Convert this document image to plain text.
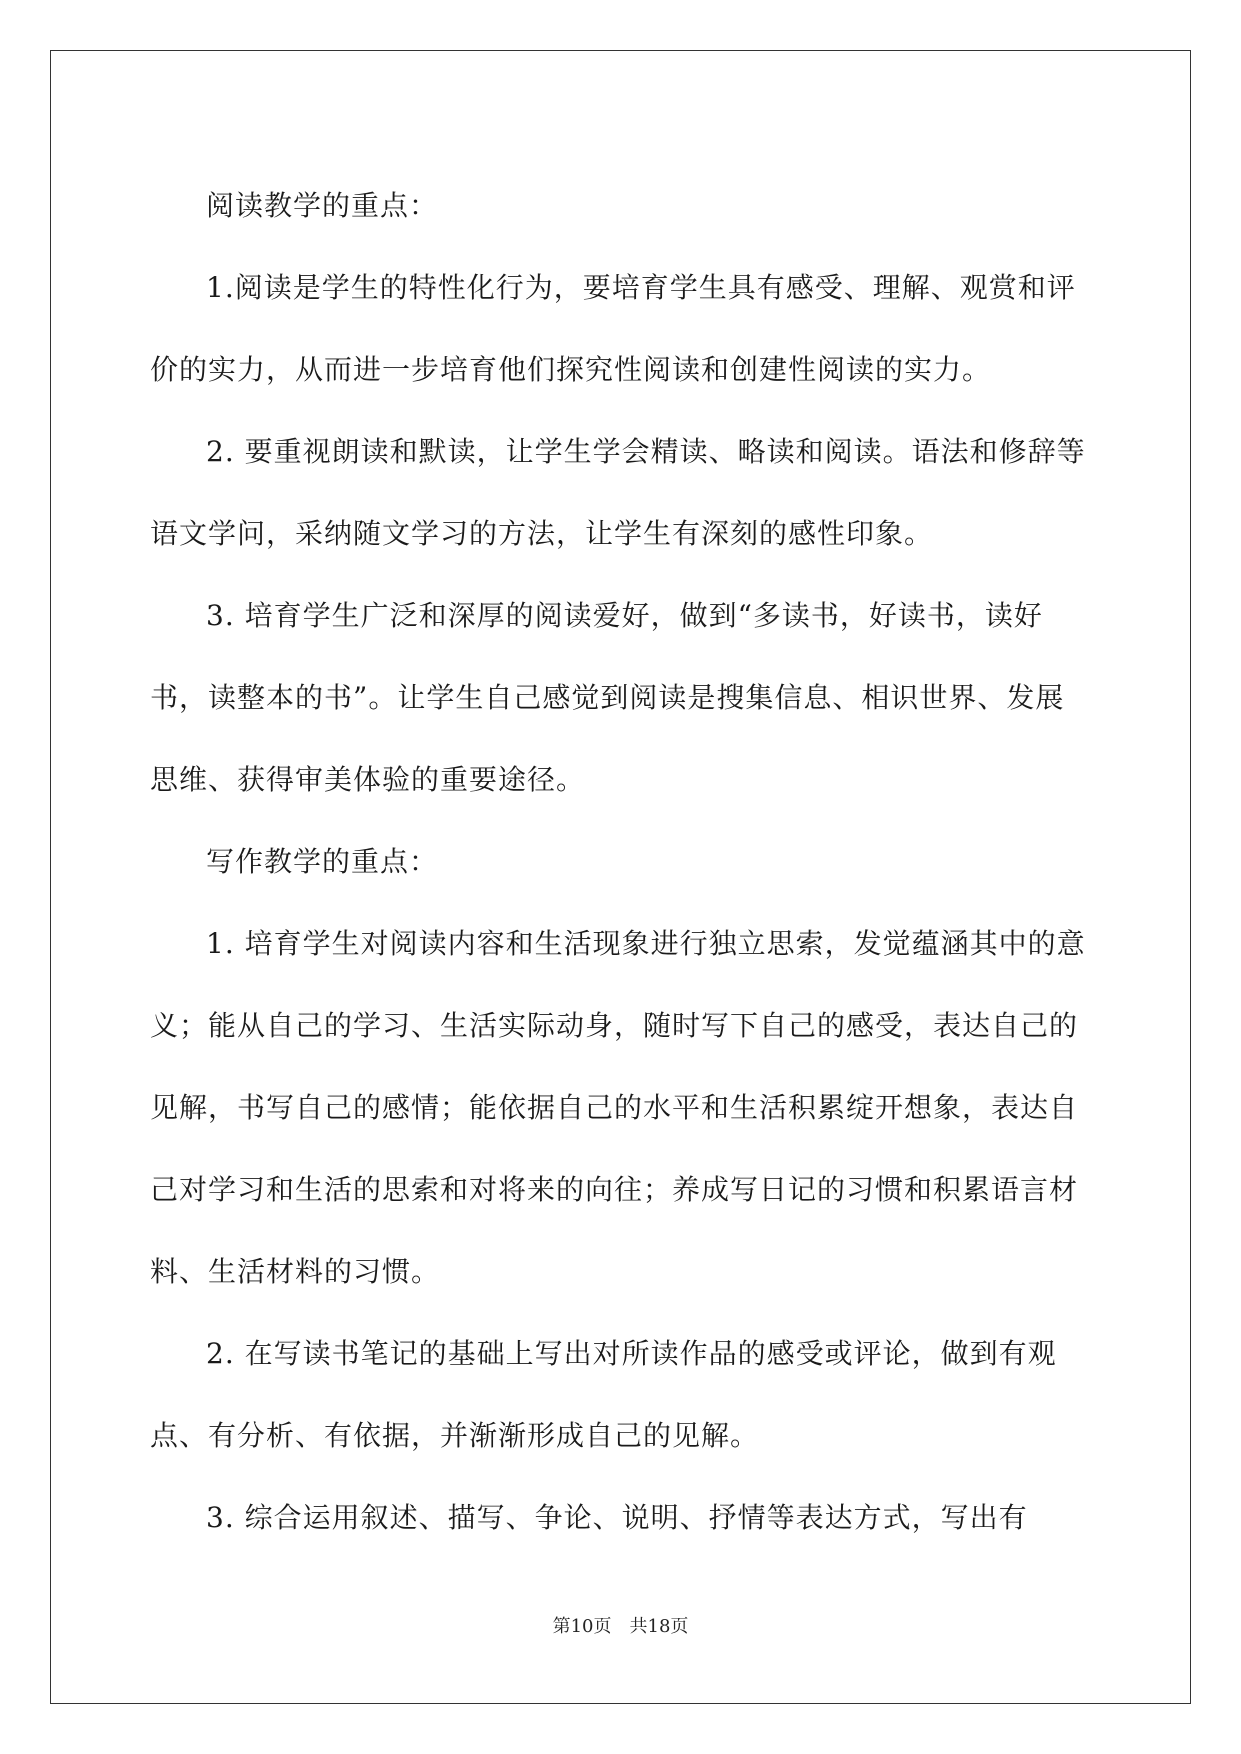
阅读教学的重点：

1.阅读是学生的特性化行为，要培育学生具有感受、理解、观赏和评价的实力，从而进一步培育他们探究性阅读和创建性阅读的实力。

2. 要重视朗读和默读，让学生学会精读、略读和阅读。语法和修辞等语文学问，采纳随文学习的方法，让学生有深刻的感性印象。

3. 培育学生广泛和深厚的阅读爱好，做到“多读书，好读书，读好书，读整本的书”。让学生自己感觉到阅读是搜集信息、相识世界、发展思维、获得审美体验的重要途径。

写作教学的重点：

1. 培育学生对阅读内容和生活现象进行独立思索，发觉蕴涵其中的意义；能从自己的学习、生活实际动身，随时写下自己的感受，表达自己的见解，书写自己的感情；能依据自己的水平和生活积累绽开想象，表达自己对学习和生活的思索和对将来的向往；养成写日记的习惯和积累语言材料、生活材料的习惯。

2. 在写读书笔记的基础上写出对所读作品的感受或评论，做到有观点、有分析、有依据，并渐渐形成自己的见解。

3. 综合运用叙述、描写、争论、说明、抒情等表达方式，写出有

第10页 共18页
